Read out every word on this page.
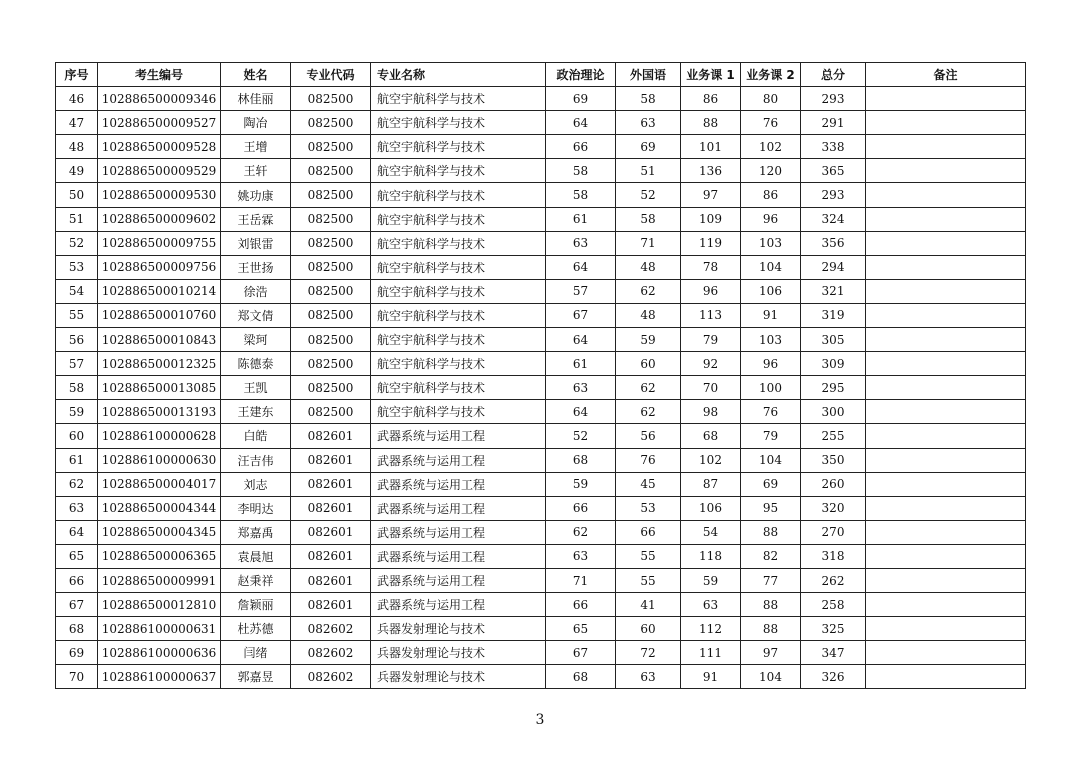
序号	考生编号	姓名	专业代码	专业名称	政治理论	外国语	业务课 1	业务课 2	总分	备注
46	102886500009346	林佳丽	082500	航空宇航科学与技术	69	58	86	80	293	
47	102886500009527	陶冶	082500	航空宇航科学与技术	64	63	88	76	291	
48	102886500009528	王增	082500	航空宇航科学与技术	66	69	101	102	338	
49	102886500009529	王轩	082500	航空宇航科学与技术	58	51	136	120	365	
50	102886500009530	姚功康	082500	航空宇航科学与技术	58	52	97	86	293	
51	102886500009602	王岳霖	082500	航空宇航科学与技术	61	58	109	96	324	
52	102886500009755	刘银雷	082500	航空宇航科学与技术	63	71	119	103	356	
53	102886500009756	王世扬	082500	航空宇航科学与技术	64	48	78	104	294	
54	102886500010214	徐浩	082500	航空宇航科学与技术	57	62	96	106	321	
55	102886500010760	郑文倩	082500	航空宇航科学与技术	67	48	113	91	319	
56	102886500010843	梁珂	082500	航空宇航科学与技术	64	59	79	103	305	
57	102886500012325	陈德泰	082500	航空宇航科学与技术	61	60	92	96	309	
58	102886500013085	王凯	082500	航空宇航科学与技术	63	62	70	100	295	
59	102886500013193	王建东	082500	航空宇航科学与技术	64	62	98	76	300	
60	102886100000628	白皓	082601	武器系统与运用工程	52	56	68	79	255	
61	102886100000630	汪吉伟	082601	武器系统与运用工程	68	76	102	104	350	
62	102886500004017	刘志	082601	武器系统与运用工程	59	45	87	69	260	
63	102886500004344	李明达	082601	武器系统与运用工程	66	53	106	95	320	
64	102886500004345	郑嘉禹	082601	武器系统与运用工程	62	66	54	88	270	
65	102886500006365	袁晨旭	082601	武器系统与运用工程	63	55	118	82	318	
66	102886500009991	赵秉祥	082601	武器系统与运用工程	71	55	59	77	262	
67	102886500012810	詹颖丽	082601	武器系统与运用工程	66	41	63	88	258	
68	102886100000631	杜苏德	082602	兵器发射理论与技术	65	60	112	88	325	
69	102886100000636	闫绪	082602	兵器发射理论与技术	67	72	111	97	347	
70	102886100000637	郭嘉昱	082602	兵器发射理论与技术	68	63	91	104	326	
3
